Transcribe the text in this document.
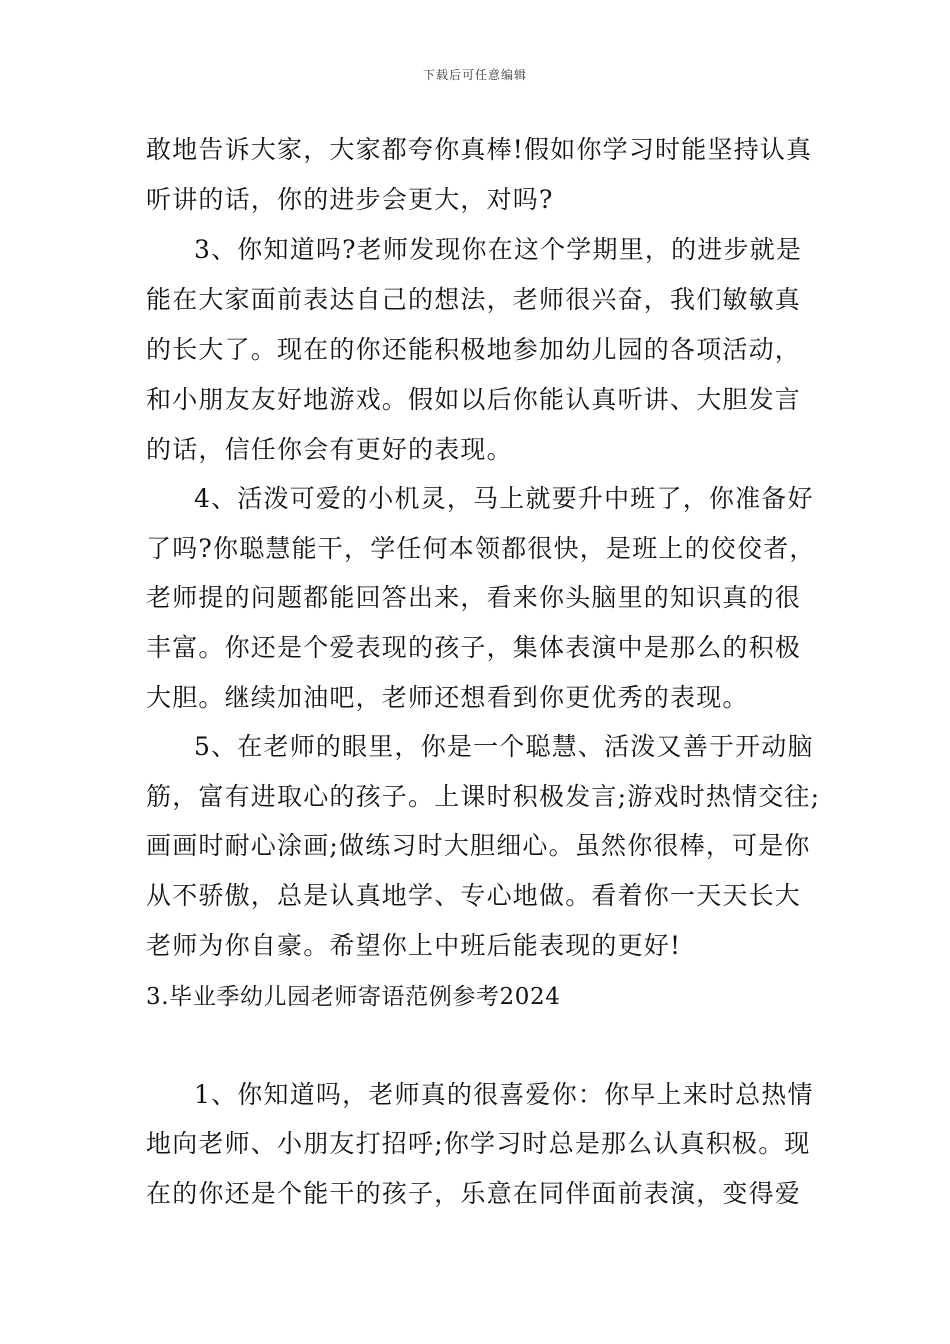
下载后可任意编辑
敢地告诉大家，大家都夸你真棒!假如你学习时能坚持认真
听讲的话，你的进步会更大，对吗?
3、你知道吗?老师发现你在这个学期里，的进步就是
能在大家面前表达自己的想法，老师很兴奋，我们敏敏真
的长大了。现在的你还能积极地参加幼儿园的各项活动，
和小朋友友好地游戏。假如以后你能认真听讲、大胆发言
的话，信任你会有更好的表现。
4、活泼可爱的小机灵，马上就要升中班了，你准备好
了吗?你聪慧能干，学任何本领都很快，是班上的佼佼者，
老师提的问题都能回答出来，看来你头脑里的知识真的很
丰富。你还是个爱表现的孩子，集体表演中是那么的积极
大胆。继续加油吧，老师还想看到你更优秀的表现。
5、在老师的眼里，你是一个聪慧、活泼又善于开动脑
筋，富有进取心的孩子。上课时积极发言;游戏时热情交往;
画画时耐心涂画;做练习时大胆细心。虽然你很棒，可是你
从不骄傲，总是认真地学、专心地做。看着你一天天长大
老师为你自豪。希望你上中班后能表现的更好!
3.毕业季幼儿园老师寄语范例参考2024
1、你知道吗，老师真的很喜爱你：你早上来时总热情
地向老师、小朋友打招呼;你学习时总是那么认真积极。现
在的你还是个能干的孩子，乐意在同伴面前表演，变得爱
